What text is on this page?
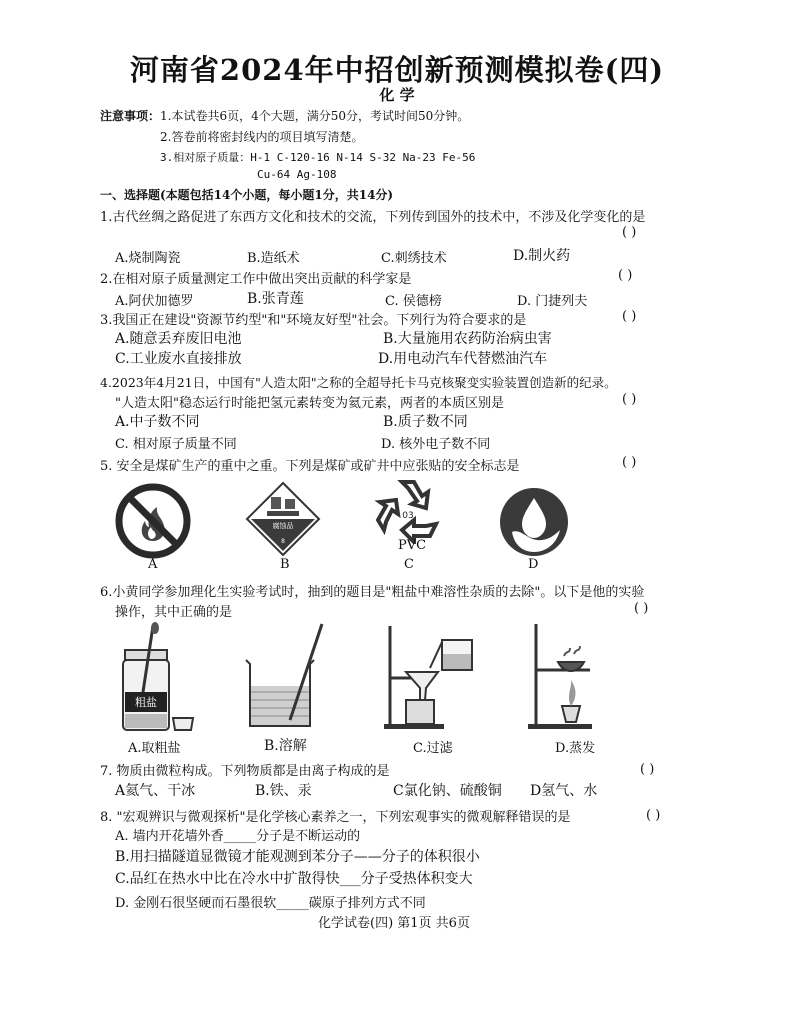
河南省2024年中招创新预测模拟卷(四)
化 学
注意事项：1.本试卷共6页，4个大题，满分50分，考试时间50分钟。
2.答卷前将密封线内的项目填写清楚。
3.相对原子质量：H-1 C-120-16 N-14 S-32 Na-23 Fe-56
Cu-64 Ag-108
一、选择题(本题包括14个小题，每小题1分，共14分)
1.古代丝绸之路促进了东西方文化和技术的交流，下列传到国外的技术中，不涉及化学变化的是
( )
A.烧制陶瓷	B.造纸术	C.刺绣技术	D.制火药
2.在相对原子质量测定工作中做出突出贡献的科学家是	( )
A.阿伏加德罗	B.张青莲	C. 侯德榜	D. 门捷列夫
3.我国正在建设"资源节约型"和"环境友好型"社会。下列行为符合要求的是	( )
A.随意丢弃废旧电池	B.大量施用农药防治病虫害
C.工业废水直接排放	D.用电动汽车代替燃油汽车
4.2023年4月21日，中国有"人造太阳"之称的全超导托卡马克核聚变实验装置创造新的纪录。
"人造太阳"稳态运行时能把氢元素转变为氦元素，两者的本质区别是	( )
A.中子数不同	B.质子数不同
C. 相对原子质量不同	D. 核外电子数不同
5. 安全是煤矿生产的重中之重。下列是煤矿或矿井中应张贴的安全标志是	( )
腐蚀品
8
03
PVC
A	B	C	D
6.小黄同学参加理化生实验考试时，抽到的题目是"粗盐中难溶性杂质的去除"。以下是他的实验
操作，其中正确的是	( )
粗盐
A.取粗盐	B.溶解	C.过滤	D.蒸发
7. 物质由微粒构成。下列物质都是由离子构成的是	( )
A氦气、干冰	B.铁、汞	C氯化钠、硫酸铜 D氢气、水
8. "宏观辨识与微观探析"是化学核心素养之一，下列宏观事实的微观解释错误的是	( )
A. 墙内开花墙外香_____分子是不断运动的
B.用扫描隧道显微镜才能观测到苯分子——分子的体积很小
C.品红在热水中比在冷水中扩散得快___分子受热体积变大
D. 金刚石很坚硬而石墨很软_____碳原子排列方式不同
化学试卷(四) 第1页 共6页
